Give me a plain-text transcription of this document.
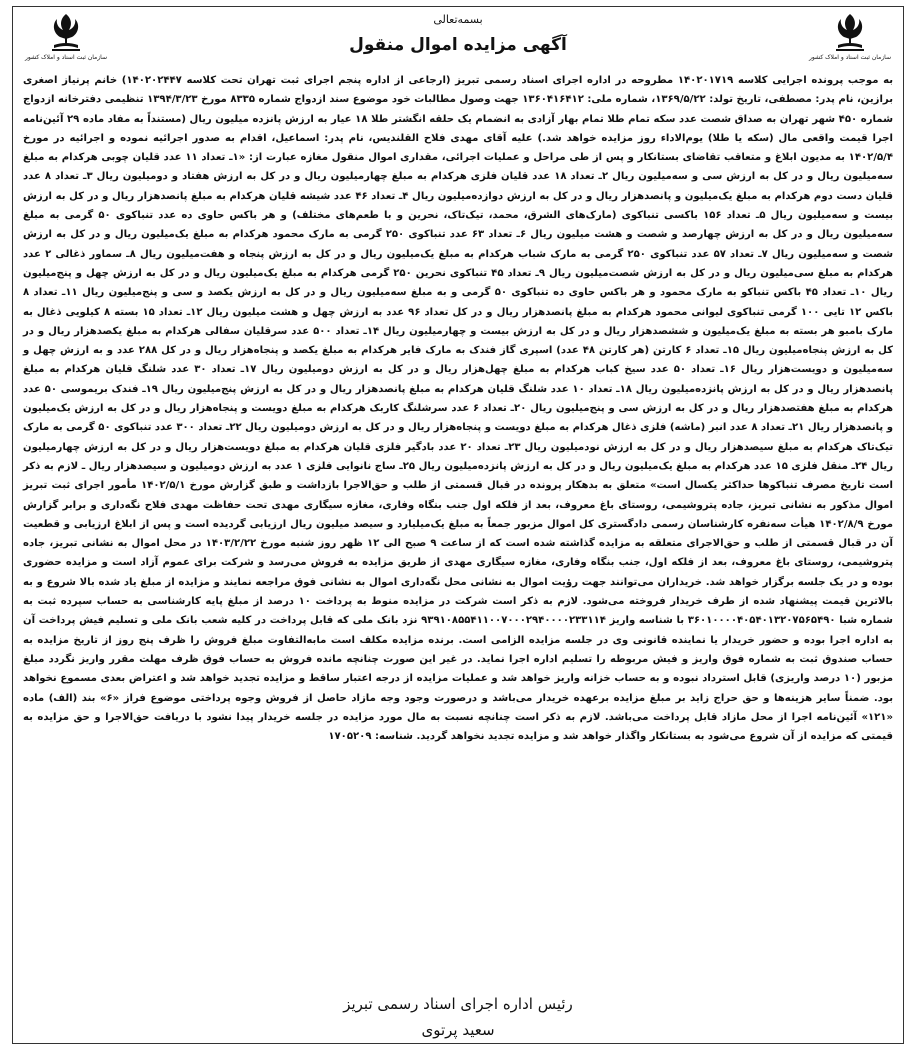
سازمان ثبت اسناد و املاک کشور
سازمان ثبت اسناد و املاک کشور
بسمه‌تعالی
آگهی مزایده اموال منقول
به موجب پرونده اجرایی کلاسه ۱۴۰۲۰۱۷۱۹ مطروحه در اداره اجرای اسناد رسمی تبریز (ارجاعی از اداره پنجم اجرای ثبت تهران تحت کلاسه ۱۴۰۲۰۲۴۴۷) خانم پرنیاز اصغری برازین، نام پدر: مصطفی، تاریخ تولد: ۱۳۶۹/۵/۲۲، شماره ملی: ۱۳۶۰۴۱۶۴۱۲ جهت وصول مطالبات خود موضوع سند ازدواج شماره ۸۳۳۵ مورخ ۱۳۹۴/۳/۲۳ تنظیمی دفترخانه ازدواج شماره ۴۵۰ شهر تهران به صداق شصت عدد سکه تمام طلا تمام بهار آزادی به انضمام یک حلقه انگشتر طلا ۱۸ عیار به ارزش پانزده میلیون ریال (مستنداً به مفاد ماده ۲۹ آئین‌نامه اجرا قیمت واقعی مال (سکه یا طلا) یوم‌الاداء روز مزایده خواهد شد.) علیه آقای مهدی فلاح القلندیس، نام پدر: اسماعیل، اقدام به صدور اجرائیه نموده و اجرائیه در مورخ ۱۴۰۲/۵/۴ به مدیون ابلاغ و متعاقب تقاضای بستانکار و پس از طی مراحل و عملیات اجرائی، مقداری اموال منقول مغازه عبارت از: «۱ـ تعداد ۱۱ عدد قلیان چوبی هرکدام به مبلغ سه‌میلیون ریال و در کل به ارزش سی و سه‌میلیون ریال ۲ـ تعداد ۱۸ عدد قلیان فلزی هرکدام به مبلغ چهارمیلیون ریال و در کل به ارزش هفتاد و دومیلیون ریال ۳ـ تعداد ۸ عدد قلیان دست دوم هرکدام به مبلغ یک‌میلیون و پانصدهزار ریال و در کل به ارزش دوازده‌میلیون ریال ۴ـ تعداد ۴۶ عدد شیشه قلیان هرکدام به مبلغ پانصدهزار ریال و در کل به ارزش بیست و سه‌میلیون ریال ۵ـ تعداد ۱۵۶ باکسی تنباکوی (مارک‌های الشرق، محمد، تیک‌تاک، نحرین و با طعم‌های مختلف) و هر باکس حاوی ده عدد تنباکوی ۵۰ گرمی به مبلغ سه‌میلیون ریال و در کل به ارزش چهارصد و شصت و هشت میلیون ریال ۶ـ تعداد ۶۳ عدد تنباکوی ۲۵۰ گرمی به مارک محمود هرکدام به مبلغ یک‌میلیون ریال و در کل به ارزش شصت و سه‌میلیون ریال ۷ـ تعداد ۵۷ عدد تنباکوی ۲۵۰ گرمی به مارک شباب هرکدام به مبلغ یک‌میلیون ریال و در کل به ارزش پنجاه و هفت‌میلیون ریال ۸ـ سماور ذغالی ۲ عدد هرکدام به مبلغ سی‌میلیون ریال و در کل به ارزش شصت‌میلیون ریال ۹ـ تعداد ۴۵ تنباکوی نحرین ۲۵۰ گرمی هرکدام به مبلغ یک‌میلیون ریال و در کل به ارزش چهل و پنج‌میلیون ریال ۱۰ـ تعداد ۴۵ باکس تنباکو به مارک محمود و هر باکس حاوی ده تنباکوی ۵۰ گرمی و به مبلغ سه‌میلیون ریال و در کل به ارزش یکصد و سی و پنج‌میلیون ریال ۱۱ـ تعداد ۸ باکس ۱۲ تایی ۱۰۰ گرمی تنباکوی لیوانی محمود هرکدام به مبلغ پانصدهزار ریال و در کل تعداد ۹۶ عدد به ارزش چهل و هشت میلیون ریال ۱۲ـ تعداد ۱۵ بسته ۸ کیلویی ذغال به مارک بامبو هر بسته به مبلغ یک‌میلیون و ششصدهزار ریال و در کل به ارزش بیست و چهارمیلیون ریال ۱۴ـ تعداد ۵۰۰ عدد سرقلیان سفالی هرکدام به مبلغ یکصدهزار ریال و در کل به ارزش پنجاه‌میلیون ریال ۱۵ـ تعداد ۶ کارتن (هر کارتن ۴۸ عدد) اسپری گاز فندک به مارک فایر هرکدام به مبلغ یکصد و پنجاه‌هزار ریال و در کل ۲۸۸ عدد و به ارزش چهل و سه‌میلیون و دویست‌هزار ریال ۱۶ـ تعداد ۵۰ عدد سیخ کباب هرکدام به مبلغ چهل‌هزار ریال و در کل به ارزش دومیلیون ریال ۱۷ـ تعداد ۳۰ عدد شلنگ قلیان هرکدام به مبلغ پانصدهزار ریال و در کل به ارزش پانزده‌میلیون ریال ۱۸ـ تعداد ۱۰ عدد شلنگ قلیان هرکدام به مبلغ پانصدهزار ریال و در کل به ارزش پنج‌میلیون ریال ۱۹ـ فندک بریموسی ۵۰ عدد هرکدام به مبلغ هفتصدهزار ریال و در کل به ارزش سی و پنج‌میلیون ریال ۲۰ـ تعداد ۶ عدد سرشلنگ کاربک هرکدام به مبلغ دویست و پنجاه‌هزار ریال و در کل به ارزش یک‌میلیون و پانصدهزار ریال ۲۱ـ تعداد ۸ عدد انبر (ماشه) فلزی ذغال هرکدام به مبلغ دویست و پنجاه‌هزار ریال و در کل به ارزش دومیلیون ریال ۲۲ـ تعداد ۳۰۰ عدد تنباکوی ۵۰ گرمی به مارک تیک‌تاک هرکدام به مبلغ سیصدهزار ریال و در کل به ارزش نودمیلیون ریال ۲۳ـ تعداد ۲۰ عدد بادگیر فلزی قلیان هرکدام به مبلغ دویست‌هزار ریال و در کل به ارزش چهارمیلیون ریال ۲۴ـ منقل فلزی ۱۵ عدد هرکدام به مبلغ یک‌میلیون ریال و در کل به ارزش پانزده‌میلیون ریال ۲۵ـ ساج نانوایی فلزی ۱ عدد به ارزش دومیلیون و سیصدهزار ریال ـ لازم به ذکر است تاریخ مصرف تنباکوها حداکثر یکسال است» متعلق به بدهکار پرونده در قبال قسمتی از طلب و حق‌الاجرا بازداشت و طبق گزارش مورخ ۱۴۰۲/۵/۱ مأمور اجرای ثبت تبریز اموال مذکور به نشانی تبریز، جاده پتروشیمی، روستای باغ معروف، بعد از فلکه اول جنب بنگاه وفاری، مغازه سیگاری مهدی تحت حفاظت مهدی فلاح نگه‌داری و برابر گزارش مورخ ۱۴۰۲/۸/۹ هیأت سه‌نفره کارشناسان رسمی دادگستری کل اموال مزبور جمعاً به مبلغ یک‌میلیارد و سیصد میلیون ریال ارزیابی گردیده است و پس از ابلاغ ارزیابی و قطعیت آن در قبال قسمتی از طلب و حق‌الاجرای متعلقه به مزایده گذاشته شده است که از ساعت ۹ صبح الی ۱۲ ظهر روز شنبه مورخ ۱۴۰۳/۲/۲۲ در محل اموال به نشانی تبریز، جاده پتروشیمی، روستای باغ معروف، بعد از فلکه اول، جنب بنگاه وفاری، مغازه سیگاری مهدی از طریق مزایده به فروش می‌رسد و شرکت برای عموم آزاد است و مزایده حضوری بوده و در یک جلسه برگزار خواهد شد. خریداران می‌توانند جهت رؤیت اموال به نشانی محل نگه‌داری اموال به نشانی فوق مراجعه نمایند و مزایده از مبلغ یاد شده بالا شروع و به بالاترین قیمت پیشنهاد شده از طرف خریدار فروخته می‌شود. لازم به ذکر است شرکت در مزایده منوط به پرداخت ۱۰ درصد از مبلغ پایه کارشناسی به حساب سپرده ثبت به شماره شبا ۳۶۰۱۰۰۰۰۴۰۵۴۰۱۳۲۰۷۵۶۵۴۹۰ با شناسه واریز ۹۳۹۱۰۸۵۵۴۱۱۰۰۷۰۰۰۲۹۴۰۰۰۰۲۳۳۱۱۴ نزد بانک ملی که قابل پرداخت در کلیه شعب بانک ملی و تسلیم فیش پرداخت آن به اداره اجرا بوده و حضور خریدار یا نماینده قانونی وی در جلسه مزایده الزامی است. برنده مزایده مکلف است مابه‌التفاوت مبلغ فروش را ظرف پنج روز از تاریخ مزایده به حساب صندوق ثبت به شماره فوق واریز و فیش مربوطه را تسلیم اداره اجرا نماید. در غیر این صورت چنانچه مانده فروش به حساب فوق ظرف مهلت مقرر واریز نگردد مبلغ مزبور (۱۰ درصد واریزی) قابل استرداد نبوده و به حساب خزانه واریز خواهد شد و عملیات مزایده از درجه اعتبار ساقط و مزایده تجدید خواهد شد و اعتراض بعدی مسموع نخواهد بود. ضمناً سایر هزینه‌ها و حق حراج زاید بر مبلغ مزایده برعهده خریدار می‌باشد و درصورت وجود وجه مازاد حاصل از فروش وجوه پرداختی موضوع فراز «۶» بند (الف) ماده «۱۲۱» آئین‌نامه اجرا از محل مازاد قابل پرداخت می‌باشد. لازم به ذکر است چنانچه نسبت به مال مورد مزایده در جلسه خریدار پیدا نشود با دریافت حق‌الاجرا و حق مزایده به قیمتی که مزایده از آن شروع می‌شود به بستانکار واگذار خواهد شد و مزایده تجدید نخواهد گردید. شناسه: ۱۷۰۵۲۰۹
رئیس اداره اجرای اسناد رسمی تبریز
سعید پرتوی
